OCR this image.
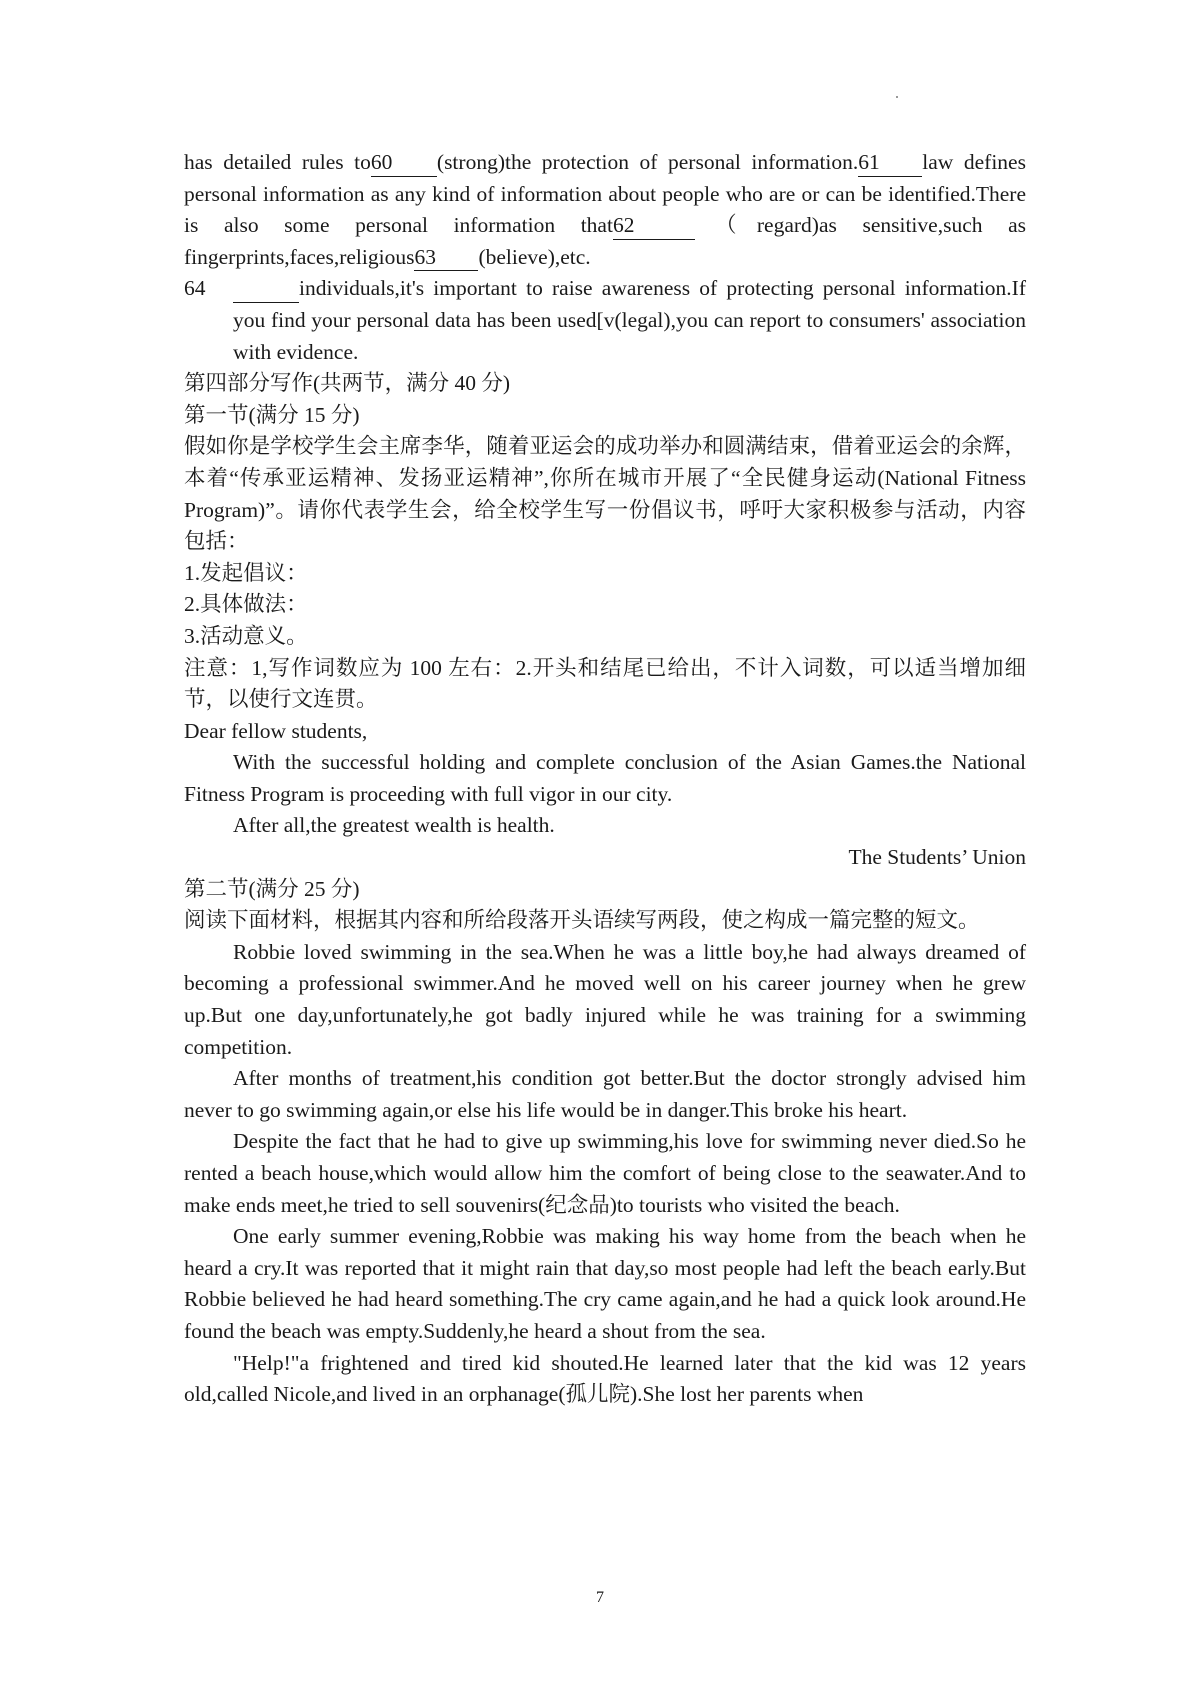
has detailed rules to60 (strong)the protection of personal information.61 law defines personal information as any kind of information about people who are or can be identified.There is also some personal information that62	（regard)as sensitive,such as fingerprints,faces,religious63 (believe),etc.

64	individuals,it's important to raise awareness of protecting personal information.If you find your personal data has been used[v(legal),you can report to consumers' association with evidence.

第四部分写作(共两节，满分 40 分)

第一节(满分 15 分)

假如你是学校学生会主席李华，随着亚运会的成功举办和圆满结束，借着亚运会的余辉，本着“传承亚运精神、发扬亚运精神”,你所在城市开展了“全民健身运动(National Fitness Program)”。请你代表学生会，给全校学生写一份倡议书，呼吁大家积极参与活动，内容包括：

1.发起倡议：

2.具体做法：

3.活动意义。

注意：1,写作词数应为 100 左右：2.开头和结尾已给出，不计入词数，可以适当增加细节，以使行文连贯。

Dear fellow students,

With the successful holding and complete conclusion of the Asian Games.the National Fitness Program is proceeding with full vigor in our city.

After all,the greatest wealth is health.

The Students’ Union

第二节(满分 25 分)

阅读下面材料，根据其内容和所给段落开头语续写两段，使之构成一篇完整的短文。

Robbie loved swimming in the sea.When he was a little boy,he had always dreamed of becoming a professional swimmer.And he moved well on his career journey when he grew up.But one day,unfortunately,he got badly injured while he was training for a swimming competition.

After months of treatment,his condition got better.But the doctor strongly advised him never to go swimming again,or else his life would be in danger.This broke his heart.

Despite the fact that he had to give up swimming,his love for swimming never died.So he rented a beach house,which would allow him the comfort of being close to the seawater.And to make ends meet,he tried to sell souvenirs(纪念品)to tourists who visited the beach.

One early summer evening,Robbie was making his way home from the beach when he heard a cry.It was reported that it might rain that day,so most people had left the beach early.But Robbie believed he had heard something.The cry came again,and he had a quick look around.He found the beach was empty.Suddenly,he heard a shout from the sea.

"Help!"a frightened and tired kid shouted.He learned later that the kid was 12 years old,called Nicole,and lived in an orphanage(孤儿院).She lost her parents when

7
